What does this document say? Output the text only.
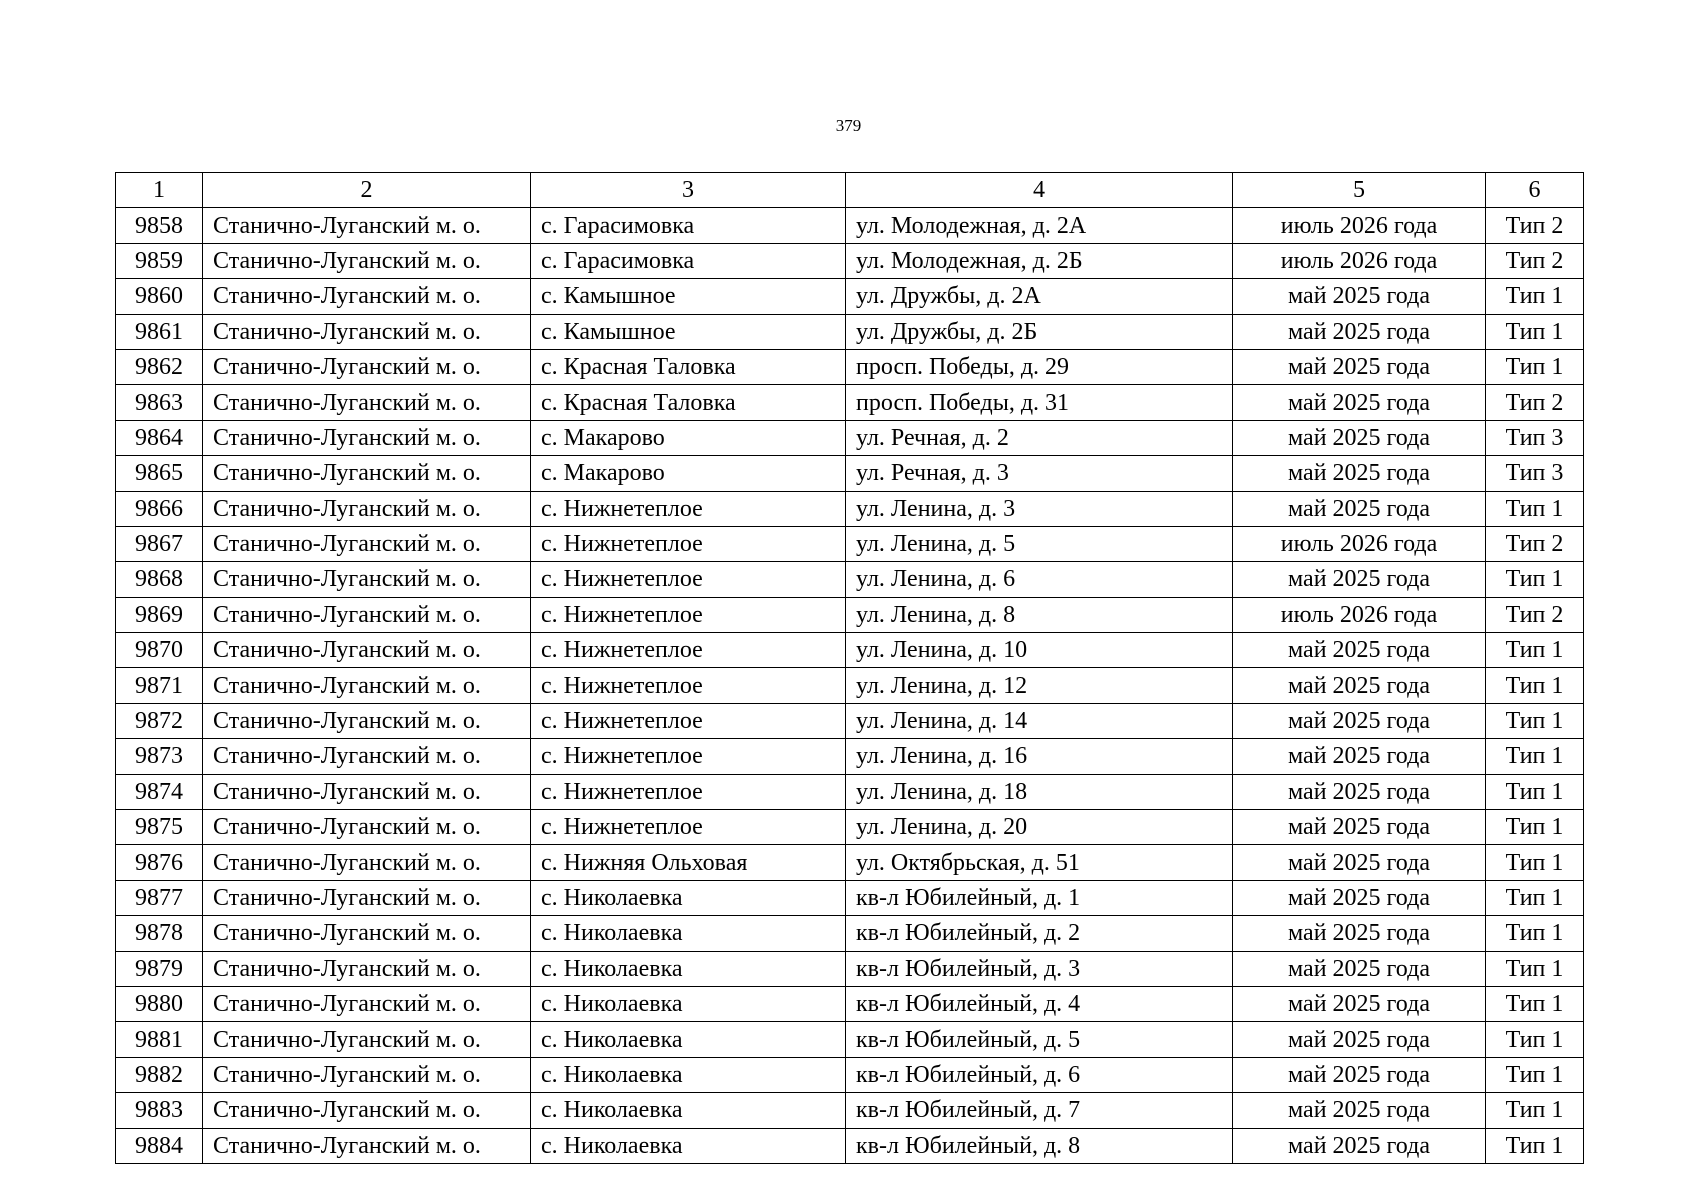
379
1	2	3	4	5	6
9858	Станично-Луганский м. о.	с. Гарасимовка	ул. Молодежная, д. 2А	июль 2026 года	Тип 2
9859	Станично-Луганский м. о.	с. Гарасимовка	ул. Молодежная, д. 2Б	июль 2026 года	Тип 2
9860	Станично-Луганский м. о.	с. Камышное	ул. Дружбы, д. 2А	май 2025 года	Тип 1
9861	Станично-Луганский м. о.	с. Камышное	ул. Дружбы, д. 2Б	май 2025 года	Тип 1
9862	Станично-Луганский м. о.	с. Красная Таловка	просп. Победы, д. 29	май 2025 года	Тип 1
9863	Станично-Луганский м. о.	с. Красная Таловка	просп. Победы, д. 31	май 2025 года	Тип 2
9864	Станично-Луганский м. о.	с. Макарово	ул. Речная, д. 2	май 2025 года	Тип 3
9865	Станично-Луганский м. о.	с. Макарово	ул. Речная, д. 3	май 2025 года	Тип 3
9866	Станично-Луганский м. о.	с. Нижнетеплое	ул. Ленина, д. 3	май 2025 года	Тип 1
9867	Станично-Луганский м. о.	с. Нижнетеплое	ул. Ленина, д. 5	июль 2026 года	Тип 2
9868	Станично-Луганский м. о.	с. Нижнетеплое	ул. Ленина, д. 6	май 2025 года	Тип 1
9869	Станично-Луганский м. о.	с. Нижнетеплое	ул. Ленина, д. 8	июль 2026 года	Тип 2
9870	Станично-Луганский м. о.	с. Нижнетеплое	ул. Ленина, д. 10	май 2025 года	Тип 1
9871	Станично-Луганский м. о.	с. Нижнетеплое	ул. Ленина, д. 12	май 2025 года	Тип 1
9872	Станично-Луганский м. о.	с. Нижнетеплое	ул. Ленина, д. 14	май 2025 года	Тип 1
9873	Станично-Луганский м. о.	с. Нижнетеплое	ул. Ленина, д. 16	май 2025 года	Тип 1
9874	Станично-Луганский м. о.	с. Нижнетеплое	ул. Ленина, д. 18	май 2025 года	Тип 1
9875	Станично-Луганский м. о.	с. Нижнетеплое	ул. Ленина, д. 20	май 2025 года	Тип 1
9876	Станично-Луганский м. о.	с. Нижняя Ольховая	ул. Октябрьская, д. 51	май 2025 года	Тип 1
9877	Станично-Луганский м. о.	с. Николаевка	кв-л Юбилейный, д. 1	май 2025 года	Тип 1
9878	Станично-Луганский м. о.	с. Николаевка	кв-л Юбилейный, д. 2	май 2025 года	Тип 1
9879	Станично-Луганский м. о.	с. Николаевка	кв-л Юбилейный, д. 3	май 2025 года	Тип 1
9880	Станично-Луганский м. о.	с. Николаевка	кв-л Юбилейный, д. 4	май 2025 года	Тип 1
9881	Станично-Луганский м. о.	с. Николаевка	кв-л Юбилейный, д. 5	май 2025 года	Тип 1
9882	Станично-Луганский м. о.	с. Николаевка	кв-л Юбилейный, д. 6	май 2025 года	Тип 1
9883	Станично-Луганский м. о.	с. Николаевка	кв-л Юбилейный, д. 7	май 2025 года	Тип 1
9884	Станично-Луганский м. о.	с. Николаевка	кв-л Юбилейный, д. 8	май 2025 года	Тип 1
